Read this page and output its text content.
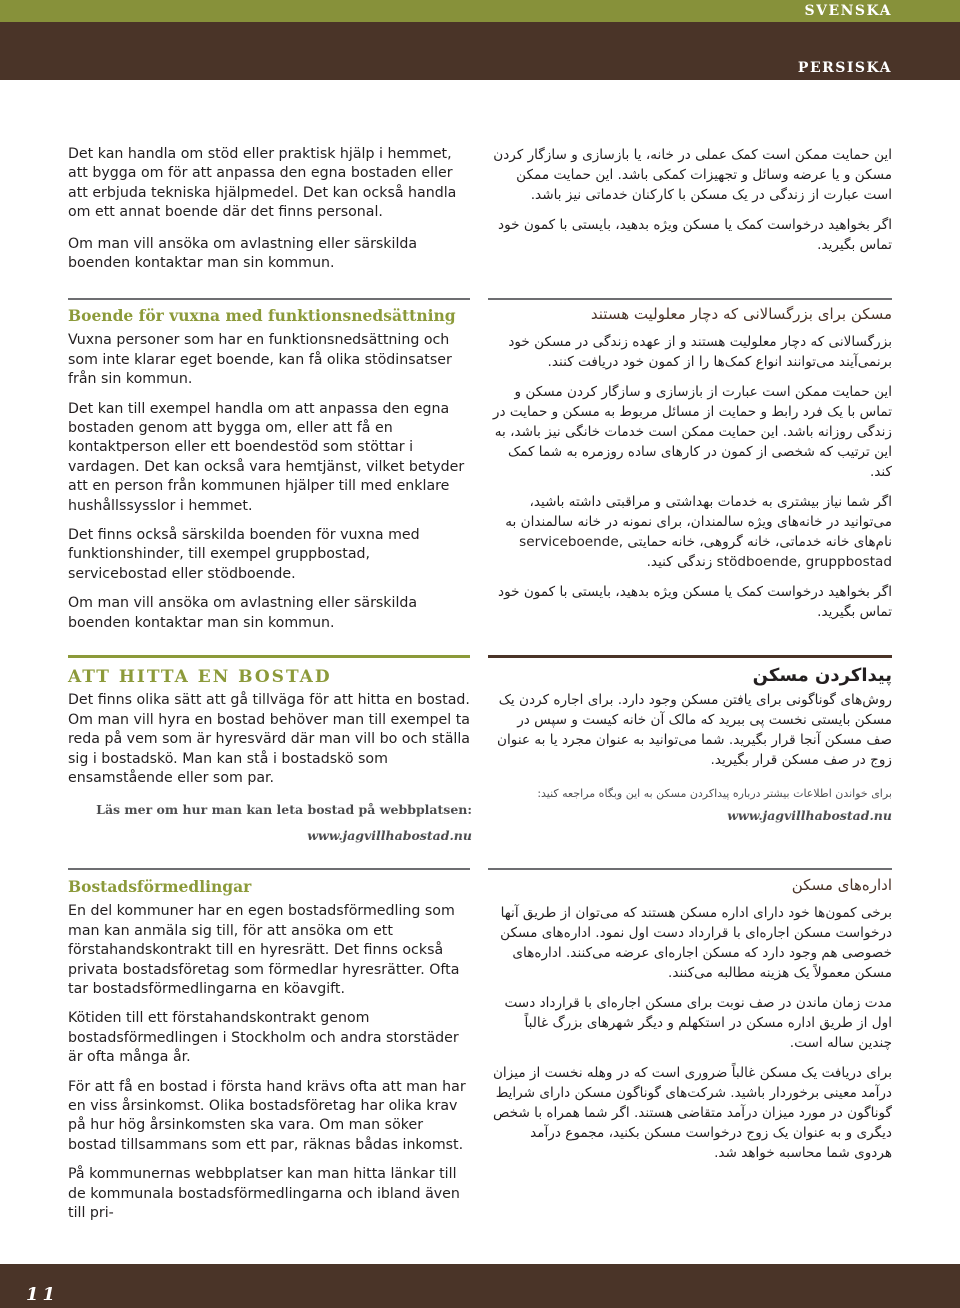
SVENSKA
PERSISKA

Det kan handla om stöd eller praktisk hjälp i hemmet, att bygga om för att anpassa den egna bostaden eller att erbjuda tekniska hjälpmedel. Det kan också handla om ett annat boende där det finns personal.

Om man vill ansöka om avlastning eller särskilda boenden kontaktar man sin kommun.

Boende för vuxna med funktionsnedsättning

Vuxna personer som har en funktionsnedsättning och som inte klarar eget boende, kan få olika stödinsatser från sin kommun.

Det kan till exempel handla om att anpassa den egna bostaden genom att bygga om, eller att få en kontaktperson eller ett boendestöd som stöttar i vardagen. Det kan också vara hemtjänst, vilket betyder att en person från kommunen hjälper till med enklare hushållssysslor i hemmet.

Det finns också särskilda boenden för vuxna med funktionshinder, till exempel gruppbostad, servicebostad eller stödboende.

Om man vill ansöka om avlastning eller särskilda boenden kontaktar man sin kommun.

ATT HITTA EN BOSTAD

Det finns olika sätt att gå tillväga för att hitta en bostad. Om man vill hyra en bostad behöver man till exempel ta reda på vem som är hyresvärd där man vill bo och ställa sig i bostadskö. Man kan stå i bostadskö som ensamstående eller som par.

Läs mer om hur man kan leta bostad på webbplatsen:

www.jagvillhabostad.nu

Bostadsförmedlingar

En del kommuner har en egen bostadsförmedling som man kan anmäla sig till, för att ansöka om ett förstahandskontrakt till en hyresrätt. Det finns också privata bostadsföretag som förmedlar hyresrätter. Ofta tar bostadsförmedlingarna en köavgift.

Kötiden till ett förstahandskontrakt genom bostadsförmedlingen i Stockholm och andra storstäder är ofta många år.

För att få en bostad i första hand krävs ofta att man har en viss årsinkomst. Olika bostadsföretag har olika krav på hur hög årsinkomsten ska vara. Om man söker bostad tillsammans som ett par, räknas bådas inkomst.

På kommunernas webbplatser kan man hitta länkar till de kommunala bostadsförmedlingarna och ibland även till pri-

این حمایت ممکن است کمک عملی در خانه، یا بازسازی و سازگار کردن مسکن و یا عرضه وسائل و تجهیزات کمکی باشد. این حمایت ممکن است عبارت از زندگی در یک مسکن با کارکنان خدماتی نیز باشد.

اگر بخواهید درخواست کمک یا مسکن ویژه بدهید، بایستی با کمون خود تماس بگیرید.

مسکن برای بزرگسالانی که دچار معلولیت هستند

بزرگسالانی که دچار معلولیت هستند و از عهده زندگی در مسکن خود برنمی‌آیند می‌توانند انواع کمک‌ها را از کمون خود دریافت کنند.

این حمایت ممکن است عبارت از بازسازی و سازگار کردن مسکن و تماس با یک فرد رابط و حمایت از مسائل مربوط به مسکن و حمایت در زندگی روزانه باشد. این حمایت ممکن است خدمات خانگی نیز باشد، به این ترتیب که شخصی از کمون در کارهای ساده روزمره به شما کمک کند.

اگر شما نیاز بیشتری به خدمات بهداشتی و مراقبتی داشته باشید، می‌توانید در خانه‌های ویژه سالمندان، برای نمونه در خانه سالمندان به نام‌های خانه خدماتی، خانه گروهی، خانه حمایتی serviceboende, stödboende, gruppbostad زندگی کنید.

اگر بخواهید درخواست کمک یا مسکن ویژه بدهید، بایستی با کمون خود تماس بگیرید.

پیداکردن مسکن

روش‌های گوناگونی برای یافتن مسکن وجود دارد. برای اجاره کردن یک مسکن بایستی نخست پی ببرید که مالک آن خانه کیست و سپس در صف مسکن آنجا قرار بگیرید. شما می‌توانید به عنوان مجرد یا به عنوان زوج در صف مسکن قرار بگیرید.

برای خواندن اطلاعات بیشتر درباره پیداکردن مسکن به این وبگاه مراجعه کنید:

www.jagvillhabostad.nu

اداره‌های مسکن

برخی کمون‌ها خود دارای اداره مسکن هستند که می‌توان از طریق آنها درخواست مسکن اجاره‌ای با قرارداد دست اول نمود. اداره‌های مسکن خصوصی هم وجود دارد که مسکن اجاره‌ای عرضه می‌کنند. اداره‌های مسکن معمولاً یک هزینه مطالبه می‌کنند.

مدت زمان ماندن در صف نوبت برای مسکن اجاره‌ای با قرارداد دست اول از طریق اداره مسکن در استکهلم و دیگر شهرهای بزرگ غالباً چندین ساله است.

برای دریافت یک مسکن غالباً ضروری است که در وهله نخست از میزان درآمد معینی برخوردار باشید. شرکت‌های گوناگون مسکن دارای شرایط گوناگون در مورد میزان درآمد متقاضی هستند. اگر شما همراه با شخص دیگری و به عنوان یک زوج درخواست مسکن بکنید، مجموع درآمد هردوی شما محاسبه خواهد شد.

11
